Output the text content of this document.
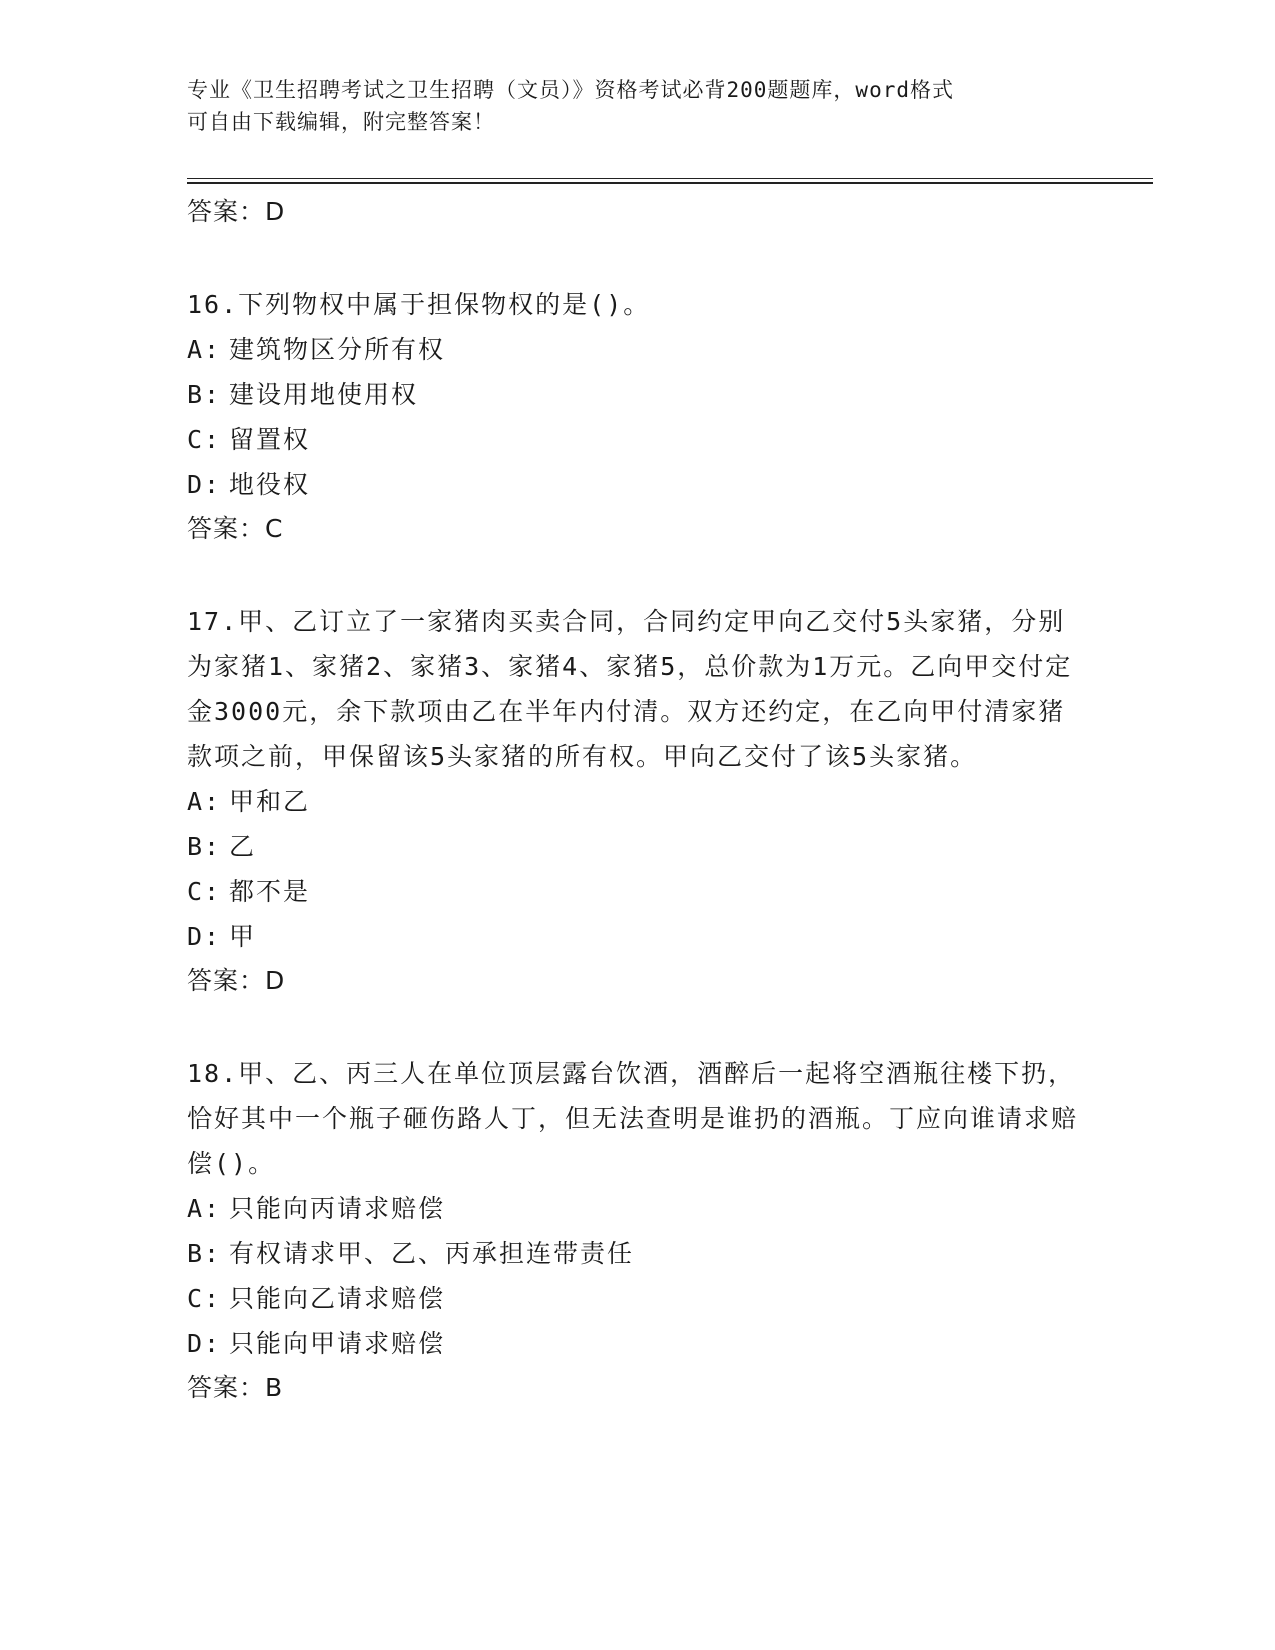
专业《卫生招聘考试之卫生招聘（文员）》资格考试必背200题题库，word格式
可自由下载编辑，附完整答案！
答案：D
16.下列物权中属于担保物权的是()。
A: 建筑物区分所有权
B: 建设用地使用权
C: 留置权
D: 地役权
答案：C
17.甲、乙订立了一家猪肉买卖合同，合同约定甲向乙交付5头家猪，分别为家猪1、家猪2、家猪3、家猪4、家猪5，总价款为1万元。乙向甲交付定金3000元，余下款项由乙在半年内付清。双方还约定，在乙向甲付清家猪款项之前，甲保留该5头家猪的所有权。甲向乙交付了该5头家猪。
A: 甲和乙
B: 乙
C: 都不是
D: 甲
答案：D
18.甲、乙、丙三人在单位顶层露台饮酒，酒醉后一起将空酒瓶往楼下扔，恰好其中一个瓶子砸伤路人丁，但无法查明是谁扔的酒瓶。丁应向谁请求赔偿()。
A: 只能向丙请求赔偿
B: 有权请求甲、乙、丙承担连带责任
C: 只能向乙请求赔偿
D: 只能向甲请求赔偿
答案：B
